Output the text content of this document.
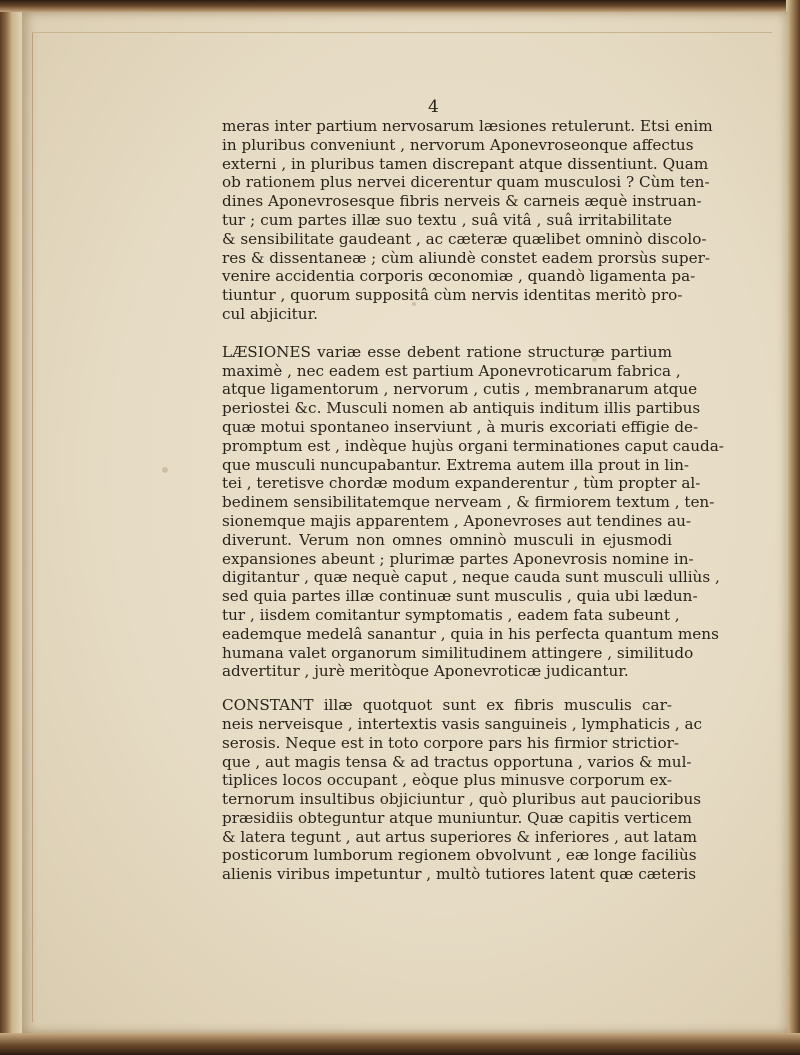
4

meras inter partium nervosarum læsiones retulerunt. Etsi enim
in pluribus conveniunt , nervorum Aponevroseonque affectus
externi , in pluribus tamen discrepant atque dissentiunt. Quam
ob rationem plus nervei dicerentur quam musculosi ? Cùm ten-
dines Aponevrosesque fibris nerveis & carneis æquè instruan-
tur ; cum partes illæ suo textu , suâ vitâ , suâ irritabilitate
& sensibilitate gaudeant , ac cæteræ quælibet omninò discolo-
res & dissentaneæ ; cùm aliundè constet eadem prorsùs super-
venire accidentia corporis œconomiæ , quandò ligamenta pa-
tiuntur , quorum suppositâ cùm nervis identitas meritò pro-
cul abjicitur.

LÆSIONES variæ esse debent ratione structuræ partium
maximè , nec eadem est partium Aponevroticarum fabrica ,
atque ligamentorum , nervorum , cutis , membranarum atque
periostei &c. Musculi nomen ab antiquis inditum illis partibus
quæ motui spontaneo inserviunt , à muris excoriati effigie de-
promptum est , indèque hujùs organi terminationes caput cauda-
que musculi nuncupabantur. Extrema autem illa prout in lin-
tei , teretisve chordæ modum expanderentur , tùm propter al-
bedinem sensibilitatemque nerveam , & firmiorem textum , ten-
sionemque majis apparentem , Aponevroses aut tendines au-
diverunt. Verum non omnes omninò musculi in ejusmodi
expansiones abeunt ; plurimæ partes Aponevrosis nomine in-
digitantur , quæ nequè caput , neque cauda sunt musculi ulliùs ,
sed quia partes illæ continuæ sunt musculis , quia ubi lædun-
tur , iisdem comitantur symptomatis , eadem fata subeunt ,
eademque medelâ sanantur , quia in his perfecta quantum mens
humana valet organorum similitudinem attingere , similitudo
advertitur , jurè meritòque Aponevroticæ judicantur.

CONSTANT illæ quotquot sunt ex fibris musculis car-
neis nerveisque , intertextis vasis sanguineis , lymphaticis , ac
serosis. Neque est in toto corpore pars his firmior strictior-
que , aut magis tensa & ad tractus opportuna , varios & mul-
tiplices locos occupant , eòque plus minusve corporum ex-
ternorum insultibus objiciuntur , quò pluribus aut paucioribus
præsidiis obteguntur atque muniuntur. Quæ capitis verticem
& latera tegunt , aut artus superiores & inferiores , aut latam
posticorum lumborum regionem obvolvunt , eæ longe faciliùs
alienis viribus impetuntur , multò tutiores latent quæ cæteris
